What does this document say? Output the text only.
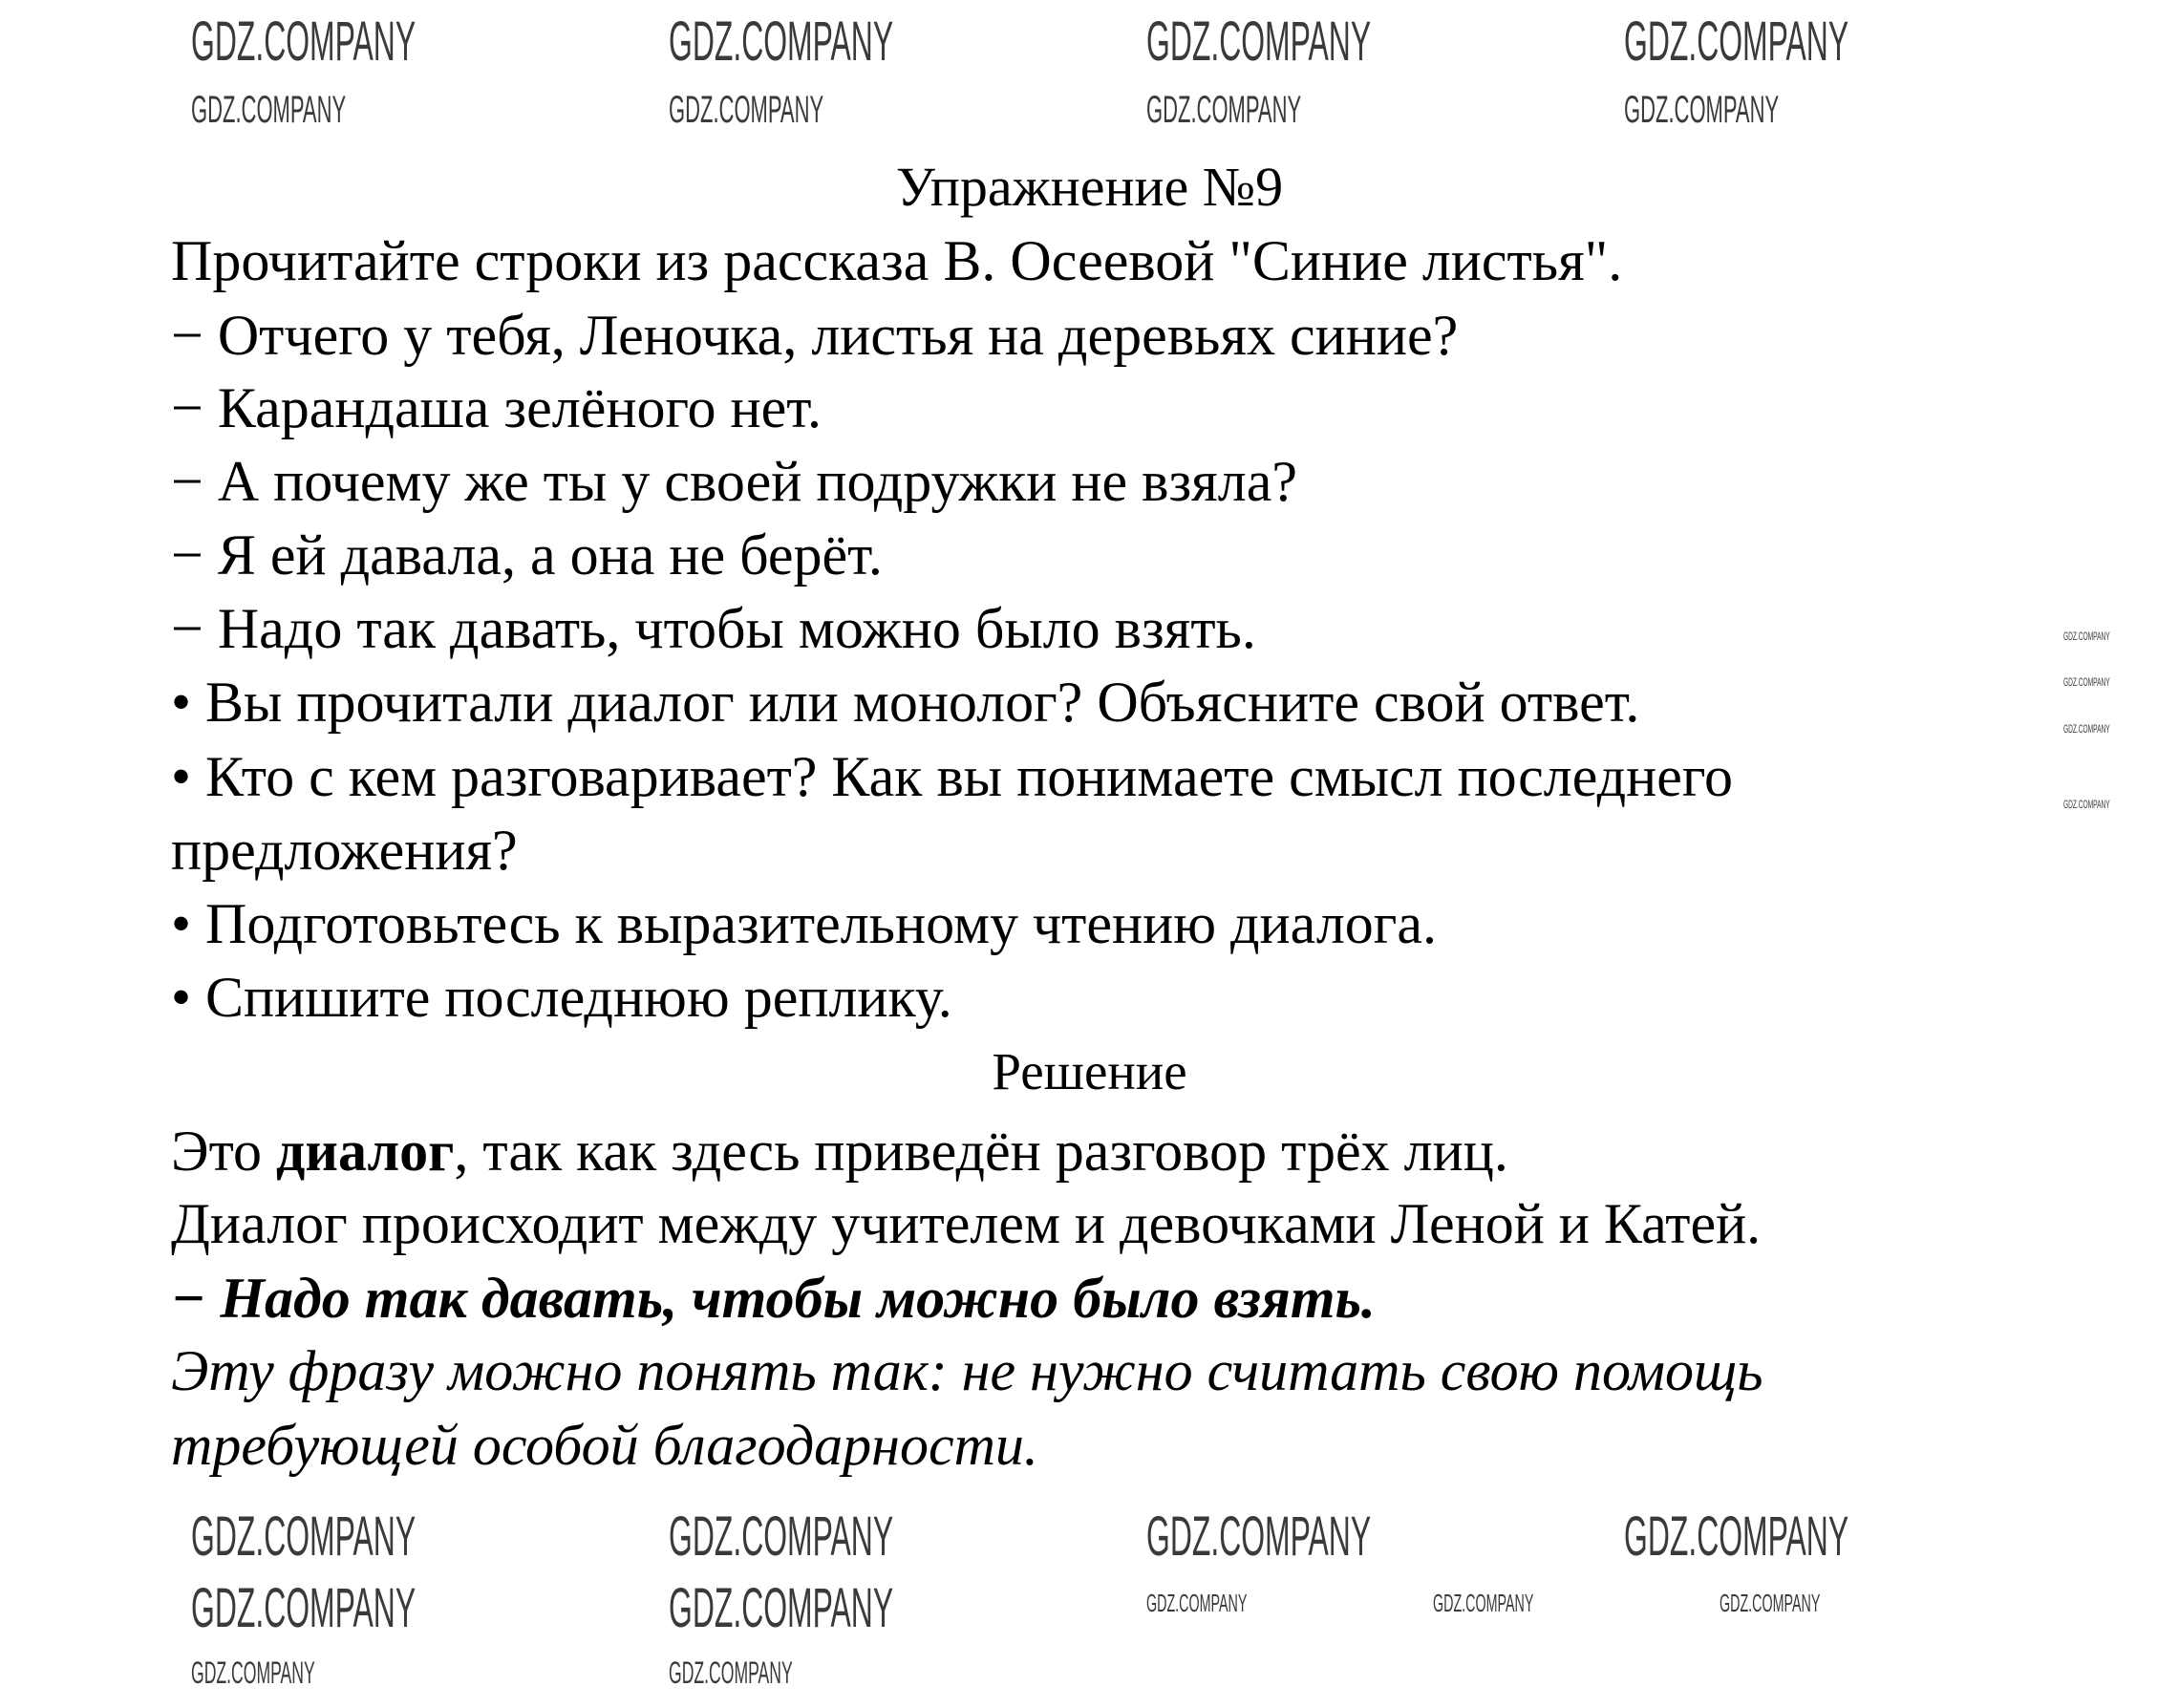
Упражнение №9
Прочитайте строки из рассказа В. Осеевой "Синие листья".
− Отчего у тебя, Леночка, листья на деревьях синие?
− Карандаша зелёного нет.
− А почему же ты у своей подружки не взяла?
− Я ей давала, а она не берёт.
− Надо так давать, чтобы можно было взять.
• Вы прочитали диалог или монолог? Объясните свой ответ.
• Кто с кем разговаривает? Как вы понимаете смысл последнего
предложения?
• Подготовьтесь к выразительному чтению диалога.
• Спишите последнюю реплику.
Решение
Это диалог, так как здесь приведён разговор трёх лиц.
Диалог происходит между учителем и девочками Леной и Катей.
− Надо так давать, чтобы можно было взять.
Эту фразу можно понять так: не нужно считать свою помощь
требующей особой благодарности.
GDZ.COMPANY	GDZ.COMPANY	GDZ.COMPANY	GDZ.COMPANY
GDZ.COMPANY	GDZ.COMPANY	GDZ.COMPANY	GDZ.COMPANY
GDZ.COMPANY
GDZ.COMPANY
GDZ.COMPANY
GDZ.COMPANY
GDZ.COMPANY	GDZ.COMPANY	GDZ.COMPANY	GDZ.COMPANY
GDZ.COMPANY	GDZ.COMPANY	GDZ.COMPANY	GDZ.COMPANY	GDZ.COMPANY
GDZ.COMPANY	GDZ.COMPANY
